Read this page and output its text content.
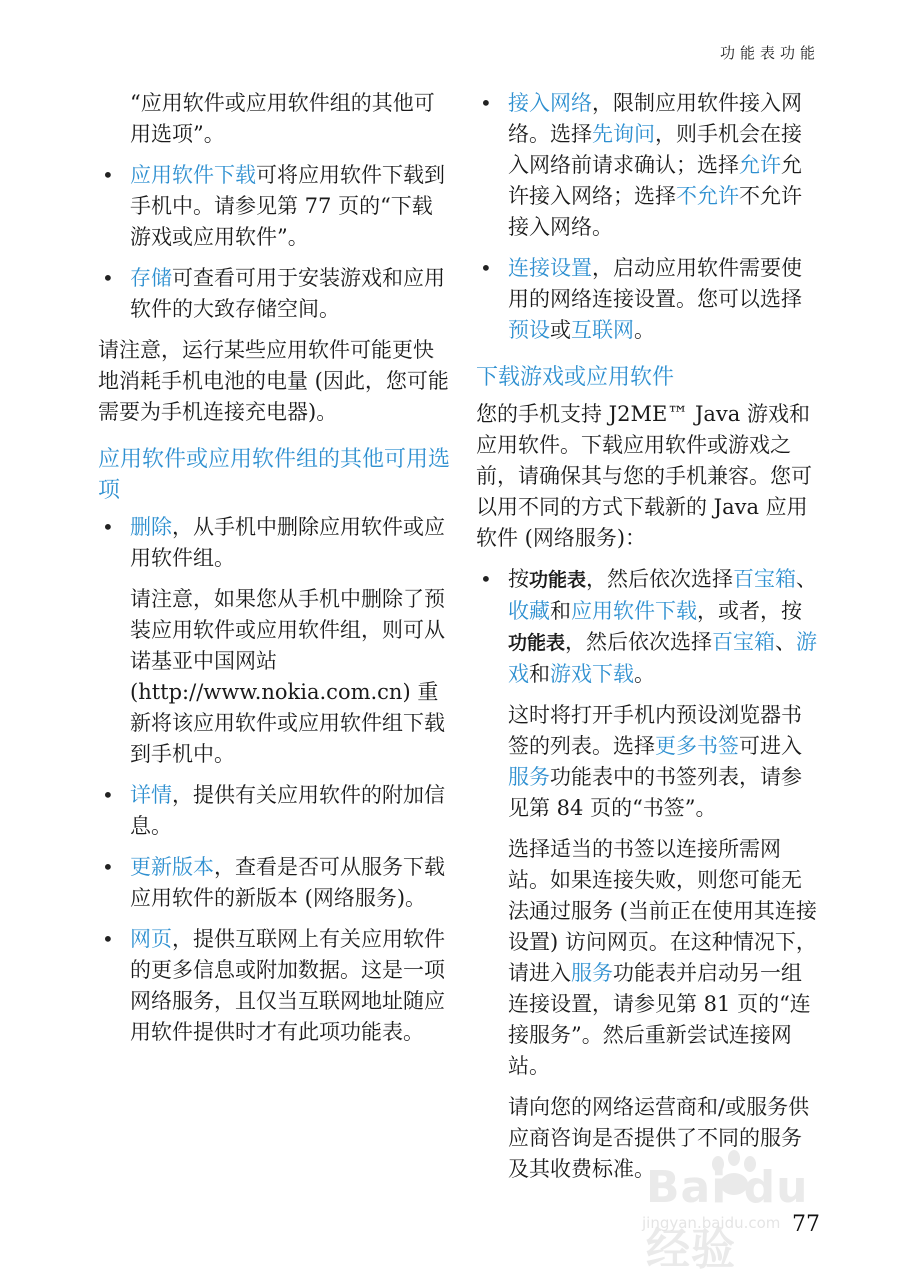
功能表功能

“应用软件或应用软件组的其他可用选项”。

• 应用软件下载可将应用软件下载到手机中。请参见第 77 页的“下载游戏或应用软件”。
• 存储可查看可用于安装游戏和应用软件的大致存储空间。

请注意，运行某些应用软件可能更快地消耗手机电池的电量 (因此，您可能需要为手机连接充电器)。

应用软件或应用软件组的其他可用选项
• 删除，从手机中删除应用软件或应用软件组。

请注意，如果您从手机中删除了预装应用软件或应用软件组，则可从诺基亚中国网站 (http://www.nokia.com.cn) 重新将该应用软件或应用软件组下载到手机中。

• 详情，提供有关应用软件的附加信息。
• 更新版本，查看是否可从服务下载应用软件的新版本 (网络服务)。
• 网页，提供互联网上有关应用软件的更多信息或附加数据。这是一项网络服务，且仅当互联网地址随应用软件提供时才有此项功能表。
• 接入网络，限制应用软件接入网络。选择先询问，则手机会在接入网络前请求确认；选择允许允许接入网络；选择不允许不允许接入网络。
• 连接设置，启动应用软件需要使用的网络连接设置。您可以选择预设或互联网。
下载游戏或应用软件

您的手机支持 J2ME™ Java 游戏和应用软件。下载应用软件或游戏之前，请确保其与您的手机兼容。您可以用不同的方式下载新的 Java 应用软件 (网络服务)：

• 按功能表，然后依次选择百宝箱、收藏和应用软件下载，或者，按功能表，然后依次选择百宝箱、游戏和游戏下载。

这时将打开手机内预设浏览器书签的列表。选择更多书签可进入服务功能表中的书签列表，请参见第 84 页的“书签”。

选择适当的书签以连接所需网站。如果连接失败，则您可能无法通过服务 (当前正在使用其连接设置) 访问网页。在这种情况下，请进入服务功能表并启动另一组连接设置，请参见第 81 页的“连接服务”。然后重新尝试连接网站。

请向您的网络运营商和/或服务供应商咨询是否提供了不同的服务及其收费标准。

Bai du 经验
jingyan.baidu.com 77
